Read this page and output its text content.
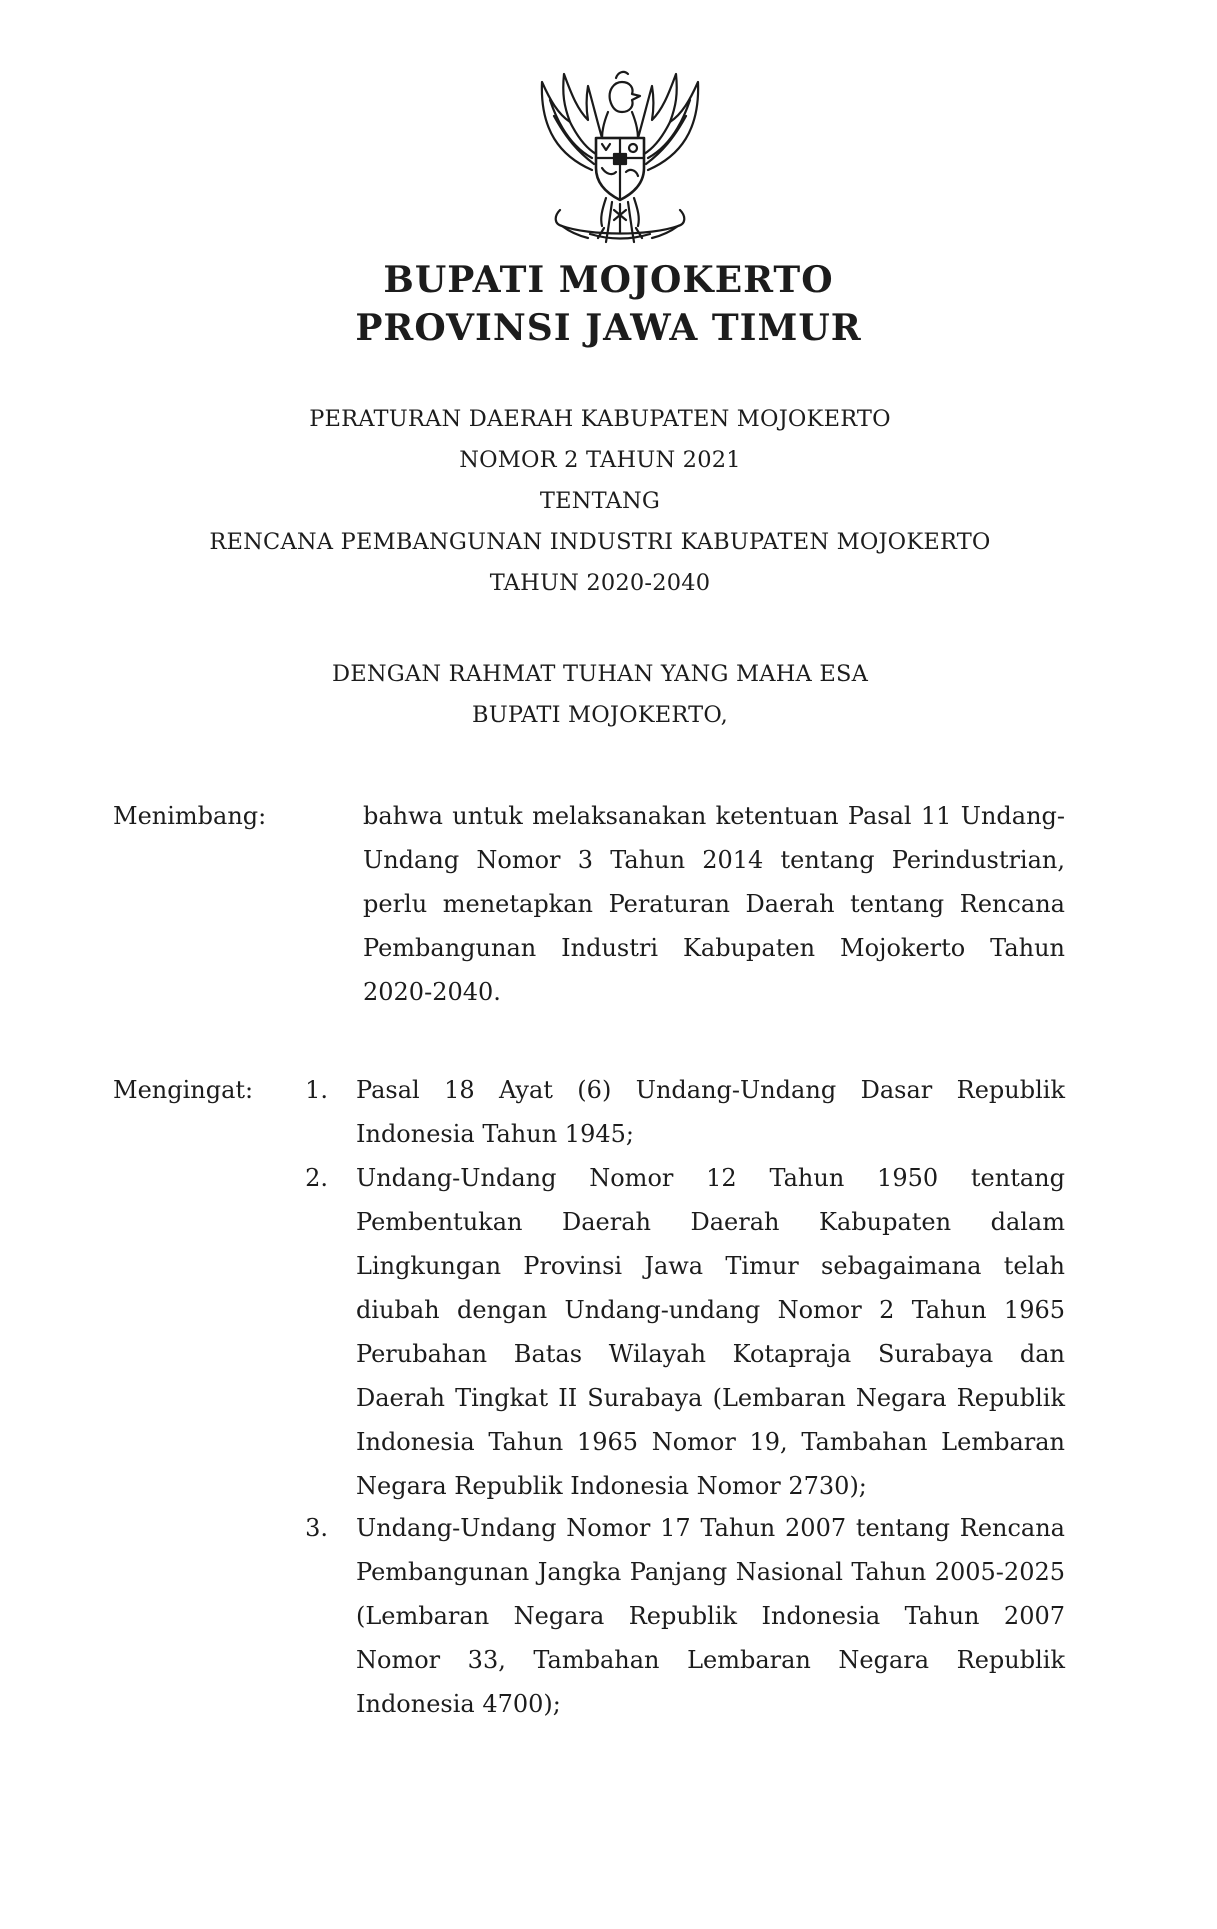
BUPATI MOJOKERTO
PROVINSI JAWA TIMUR

PERATURAN DAERAH KABUPATEN MOJOKERTO

NOMOR 2 TAHUN 2021

TENTANG

RENCANA PEMBANGUNAN INDUSTRI KABUPATEN MOJOKERTO

TAHUN 2020-2040

DENGAN RAHMAT TUHAN YANG MAHA ESA

BUPATI MOJOKERTO,

Menimbang:	bahwa untuk melaksanakan ketentuan Pasal 11 Undang-Undang Nomor 3 Tahun 2014 tentang Perindustrian, perlu menetapkan Peraturan Daerah tentang Rencana Pembangunan Industri Kabupaten Mojokerto Tahun 2020-2040.

Mengingat: 1. Pasal 18 Ayat (6) Undang-Undang Dasar Republik Indonesia Tahun 1945;

2. Undang-Undang Nomor 12 Tahun 1950 tentang Pembentukan Daerah Daerah Kabupaten dalam Lingkungan Provinsi Jawa Timur sebagaimana telah diubah dengan Undang-undang Nomor 2 Tahun 1965 Perubahan Batas Wilayah Kotapraja Surabaya dan Daerah Tingkat II Surabaya (Lembaran Negara Republik Indonesia Tahun 1965 Nomor 19, Tambahan Lembaran Negara Republik Indonesia Nomor 2730);

3. Undang-Undang Nomor 17 Tahun 2007 tentang Rencana Pembangunan Jangka Panjang Nasional Tahun 2005-2025 (Lembaran Negara Republik Indonesia Tahun 2007 Nomor 33, Tambahan Lembaran Negara Republik Indonesia 4700);
